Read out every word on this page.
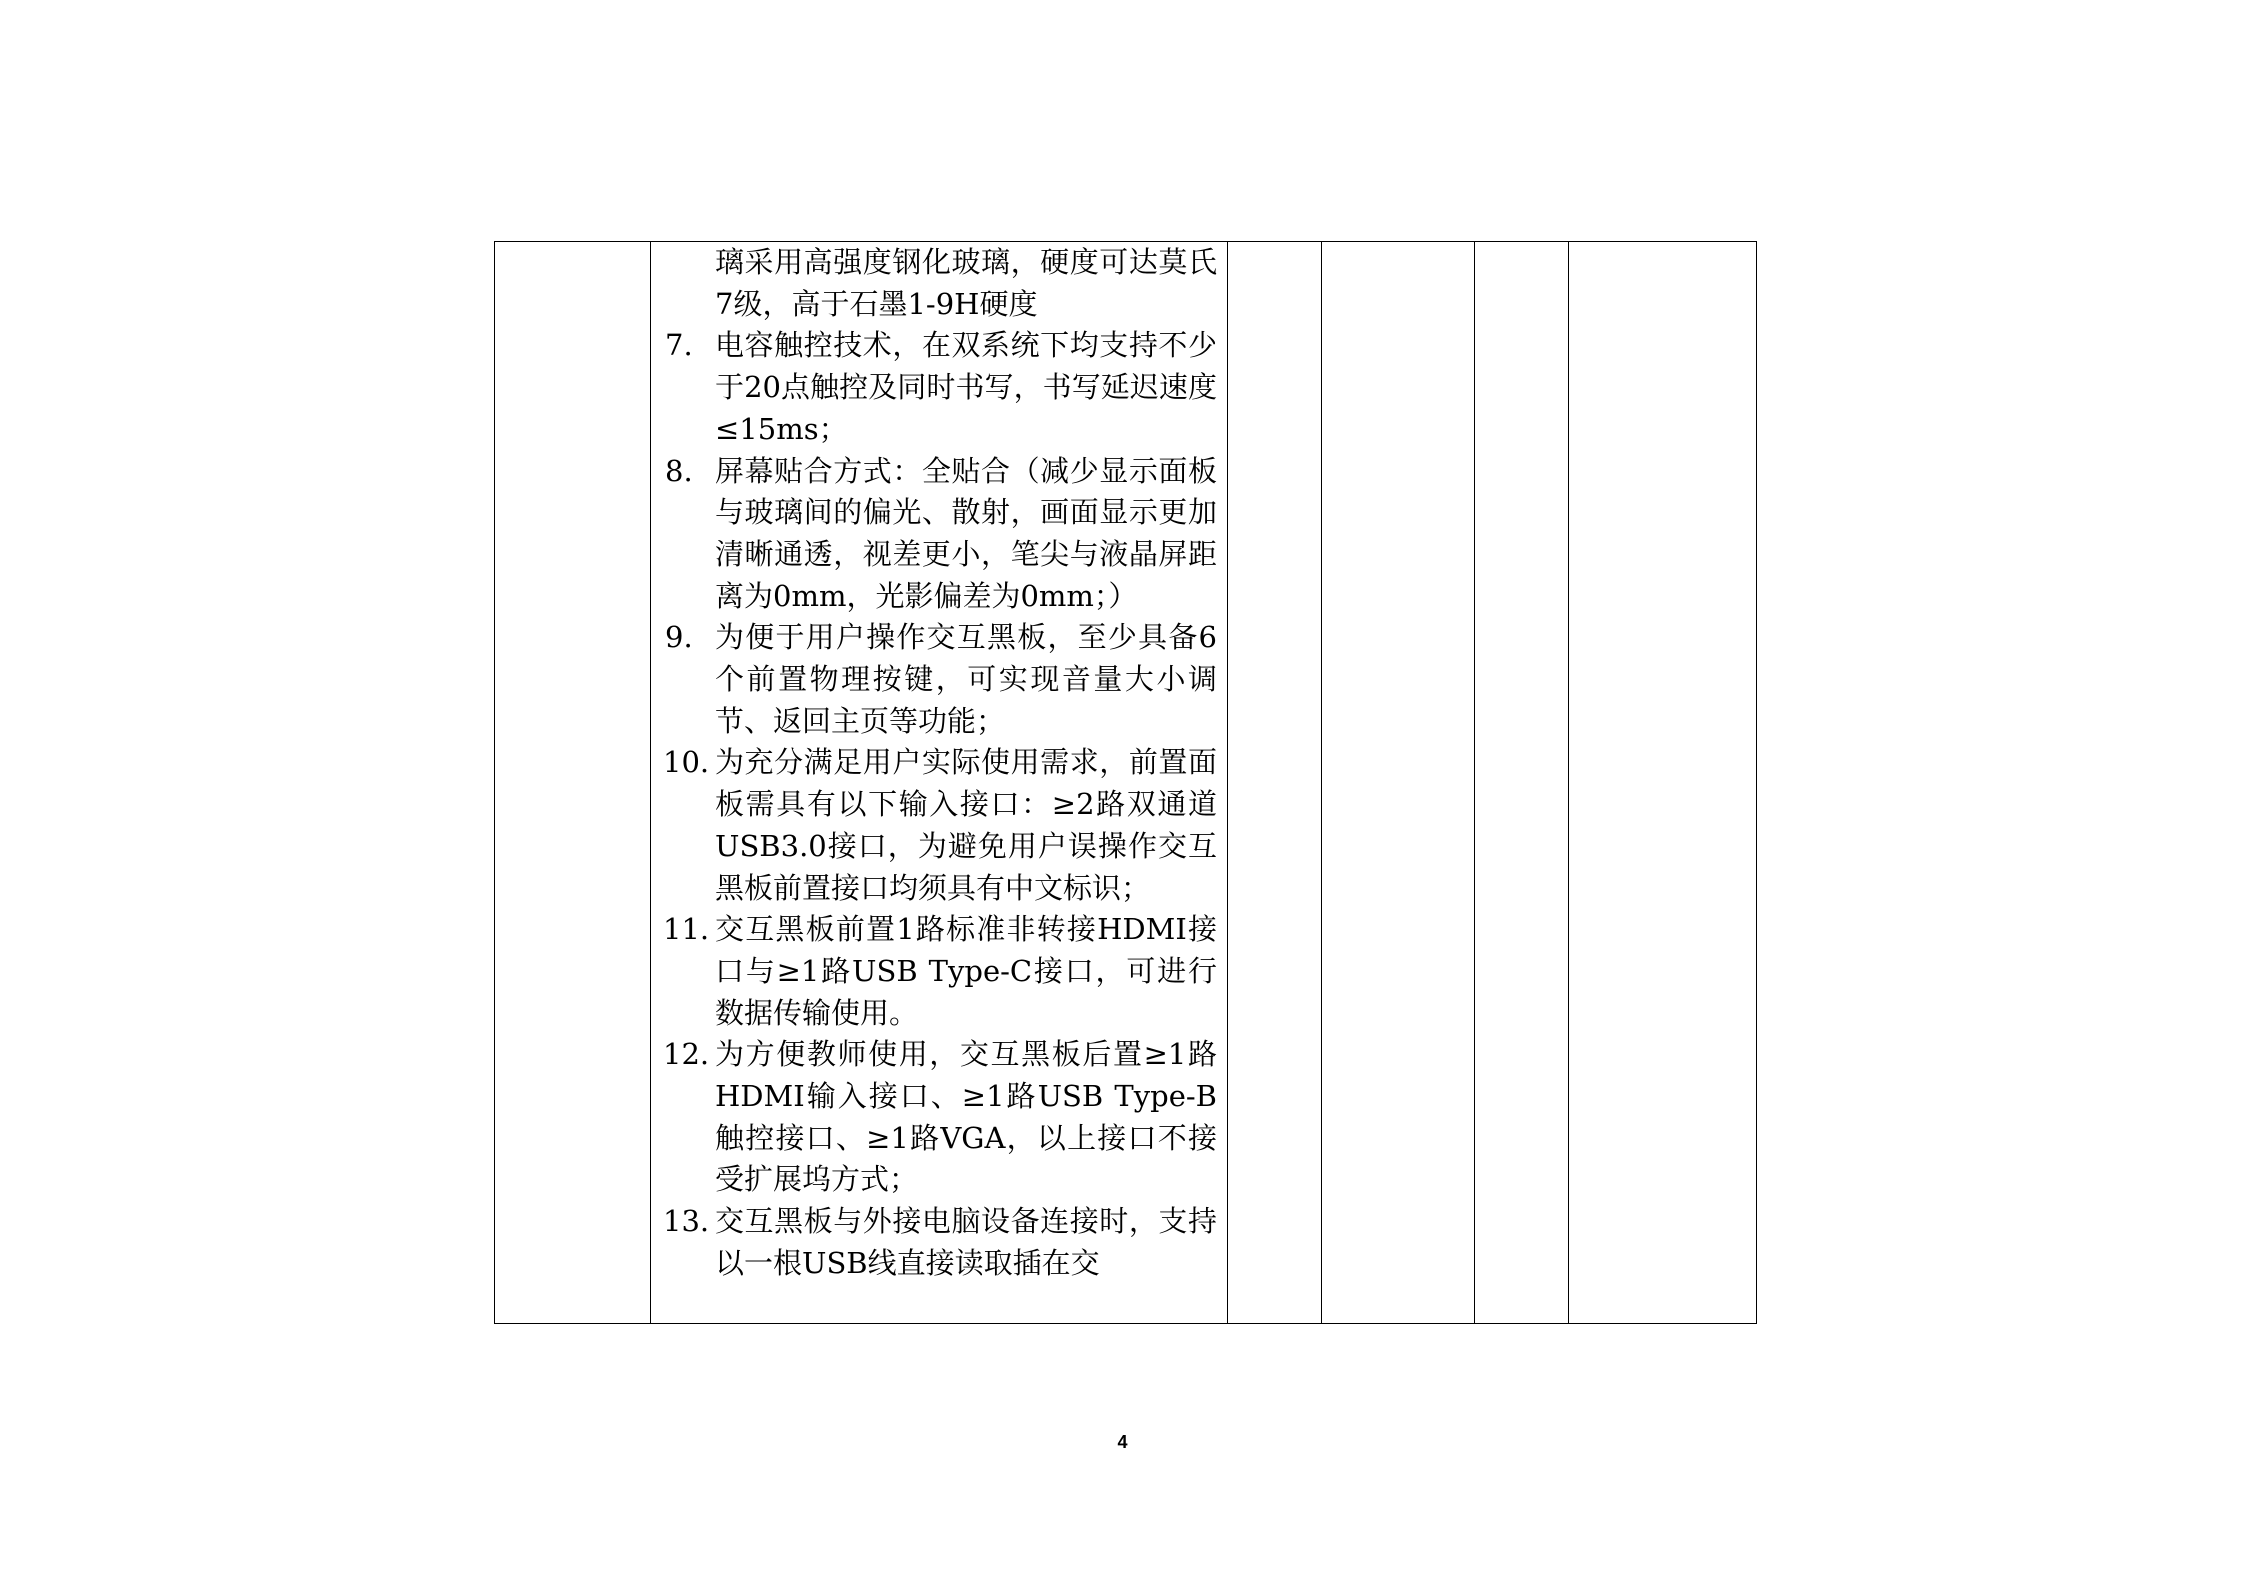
璃采用高强度钢化玻璃，硬度可达莫氏7级，高于石墨1-9H硬度
7. 电容触控技术，在双系统下均支持不少于20点触控及同时书写，书写延迟速度≤15ms；
8. 屏幕贴合方式：全贴合（减少显示面板与玻璃间的偏光、散射，画面显示更加清晰通透，视差更小，笔尖与液晶屏距离为0mm，光影偏差为0mm；）
9. 为便于用户操作交互黑板，至少具备6个前置物理按键，可实现音量大小调节、返回主页等功能；
10. 为充分满足用户实际使用需求，前置面板需具有以下输入接口：≥2路双通道USB3.0接口，为避免用户误操作交互黑板前置接口均须具有中文标识；
11. 交互黑板前置1路标准非转接HDMI接口与≥1路USB Type-C接口，可进行数据传输使用。
12. 为方便教师使用，交互黑板后置≥1路HDMI输入接口、≥1路USB Type-B触控接口、≥1路VGA，以上接口不接受扩展坞方式；
13. 交互黑板与外接电脑设备连接时，支持以一根USB线直接读取插在交

4
